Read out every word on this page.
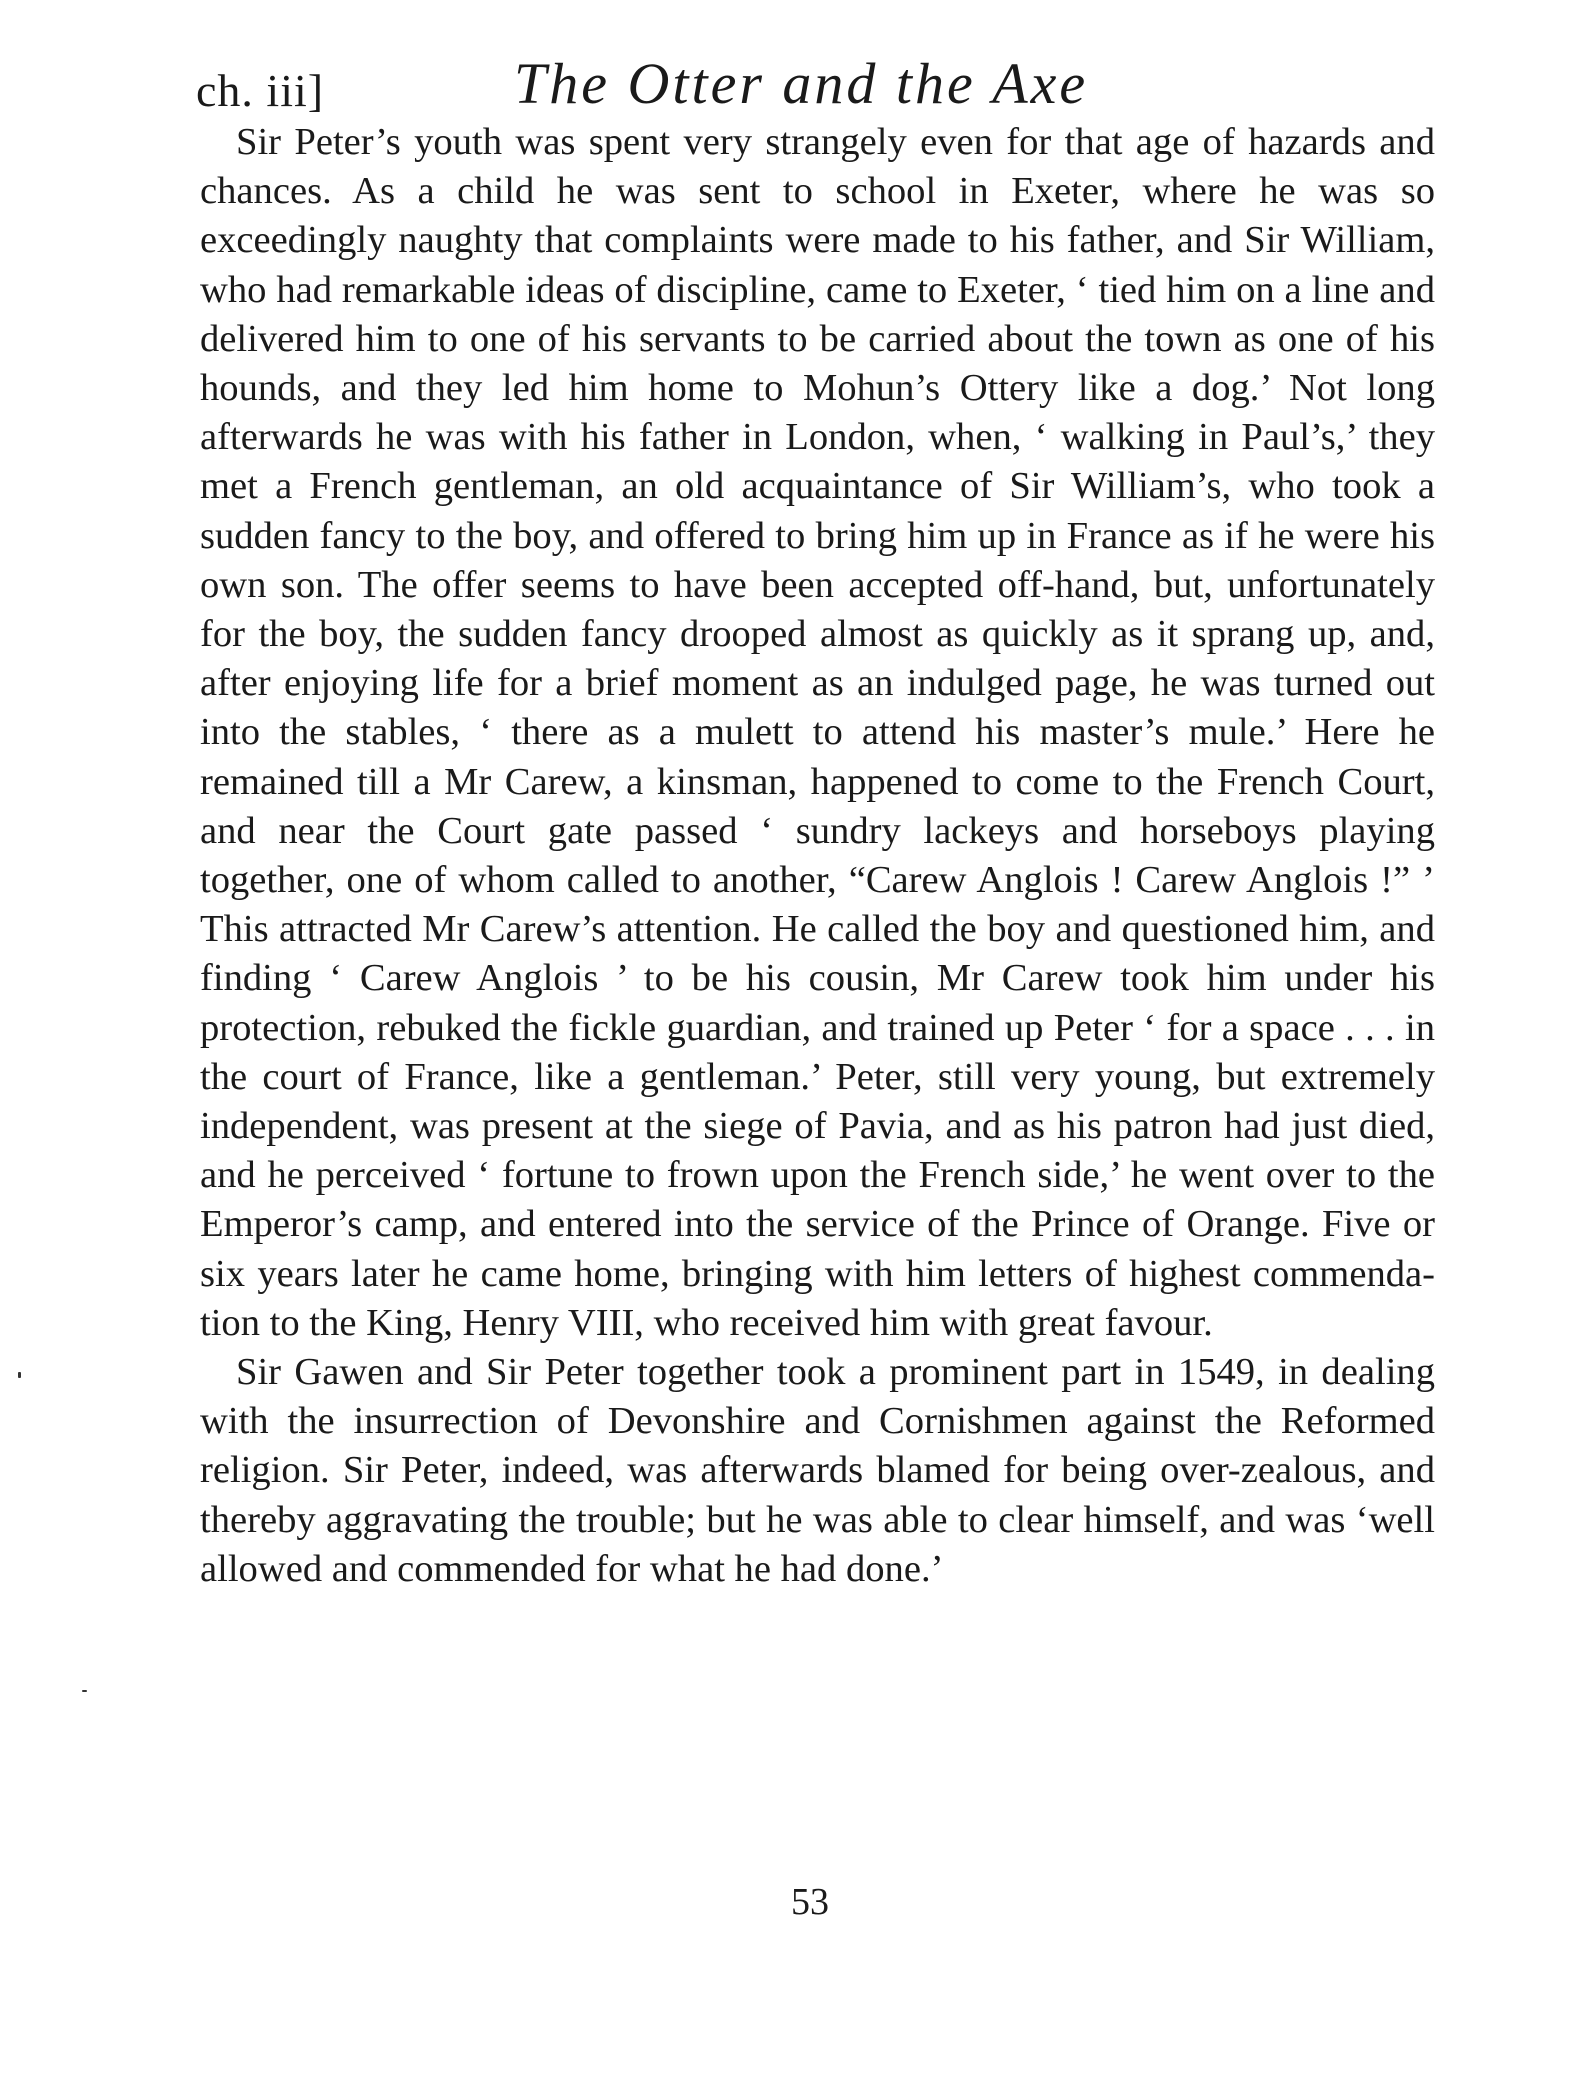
ch. iii]	The Otter and the Axe

Sir Peter’s youth was spent very strangely even for that age of hazards and chances. As a child he was sent to school in Exeter, where he was so exceedingly naughty that complaints were made to his father, and Sir William, who had remarkable ideas of discipline, came to Exeter, ‘ tied him on a line and delivered him to one of his servants to be carried about the town as one of his hounds, and they led him home to Mohun’s Ottery like a dog.’ Not long afterwards he was with his father in London, when, ‘ walking in Paul’s,’ they met a French gentleman, an old acquaintance of Sir William’s, who took a sudden fancy to the boy, and offered to bring him up in France as if he were his own son. The offer seems to have been accepted off-hand, but, unfortunately for the boy, the sudden fancy drooped almost as quickly as it sprang up, and, after enjoying life for a brief moment as an indulged page, he was turned out into the stables, ‘ there as a mulett to attend his master’s mule.’ Here he remained till a Mr Carew, a kinsman, happened to come to the French Court, and near the Court gate passed ‘ sundry lackeys and horseboys playing together, one of whom called to another, “Carew Anglois ! Carew Anglois !” ’ This attracted Mr Carew’s attention. He called the boy and questioned him, and finding ‘ Carew Anglois ’ to be his cousin, Mr Carew took him under his protection, rebuked the fickle guardian, and trained up Peter ‘ for a space . . . in the court of France, like a gentleman.’ Peter, still very young, but extremely independent, was present at the siege of Pavia, and as his patron had just died, and he perceived ‘ fortune to frown upon the French side,’ he went over to the Emperor’s camp, and entered into the service of the Prince of Orange. Five or six years later he came home, bringing with him letters of highest commendation to the King, Henry VIII, who received him with great favour.

Sir Gawen and Sir Peter together took a prominent part in 1549, in dealing with the insurrection of Devonshire and Cornishmen against the Reformed religion. Sir Peter, indeed, was afterwards blamed for being over-zealous, and thereby aggravating the trouble; but he was able to clear himself, and was ‘well allowed and commended for what he had done.’

53
